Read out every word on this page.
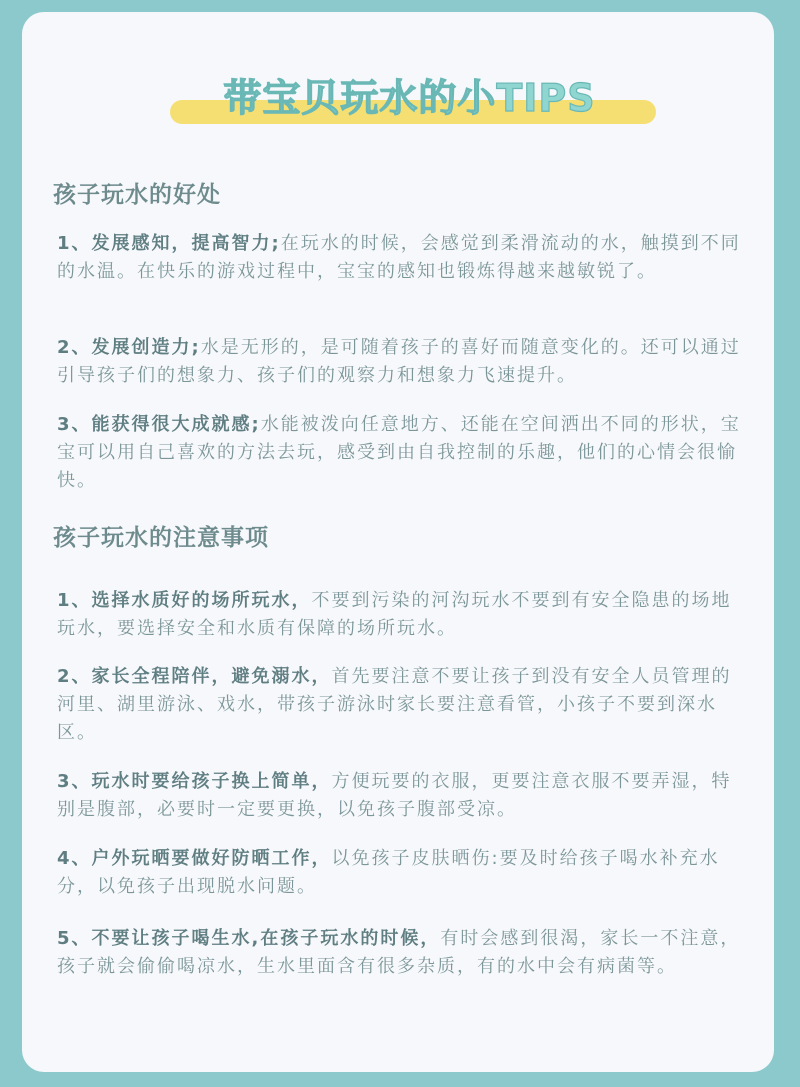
带宝贝玩水的小TIPS
孩子玩水的好处
1、发展感知，提高智力;在玩水的时候，会感觉到柔滑流动的水，触摸到不同的水温。在快乐的游戏过程中，宝宝的感知也锻炼得越来越敏锐了。
2、发展创造力;水是无形的，是可随着孩子的喜好而随意变化的。还可以通过引导孩子们的想象力、孩子们的观察力和想象力飞速提升。
3、能获得很大成就感;水能被泼向任意地方、还能在空间洒出不同的形状，宝宝可以用自己喜欢的方法去玩，感受到由自我控制的乐趣，他们的心情会很愉快。
孩子玩水的注意事项
1、选择水质好的场所玩水，不要到污染的河沟玩水不要到有安全隐患的场地玩水，要选择安全和水质有保障的场所玩水。
2、家长全程陪伴，避免溺水，首先要注意不要让孩子到没有安全人员管理的河里、湖里游泳、戏水，带孩子游泳时家长要注意看管，小孩子不要到深水区。
3、玩水时要给孩子换上简单，方便玩要的衣服，更要注意衣服不要弄湿，特别是腹部，必要时一定要更换，以免孩子腹部受凉。
4、户外玩晒要做好防晒工作，以免孩子皮肤晒伤:要及时给孩子喝水补充水分，以免孩子出现脱水问题。
5、不要让孩子喝生水,在孩子玩水的时候，有时会感到很渴，家长一不注意，孩子就会偷偷喝凉水，生水里面含有很多杂质，有的水中会有病菌等。
